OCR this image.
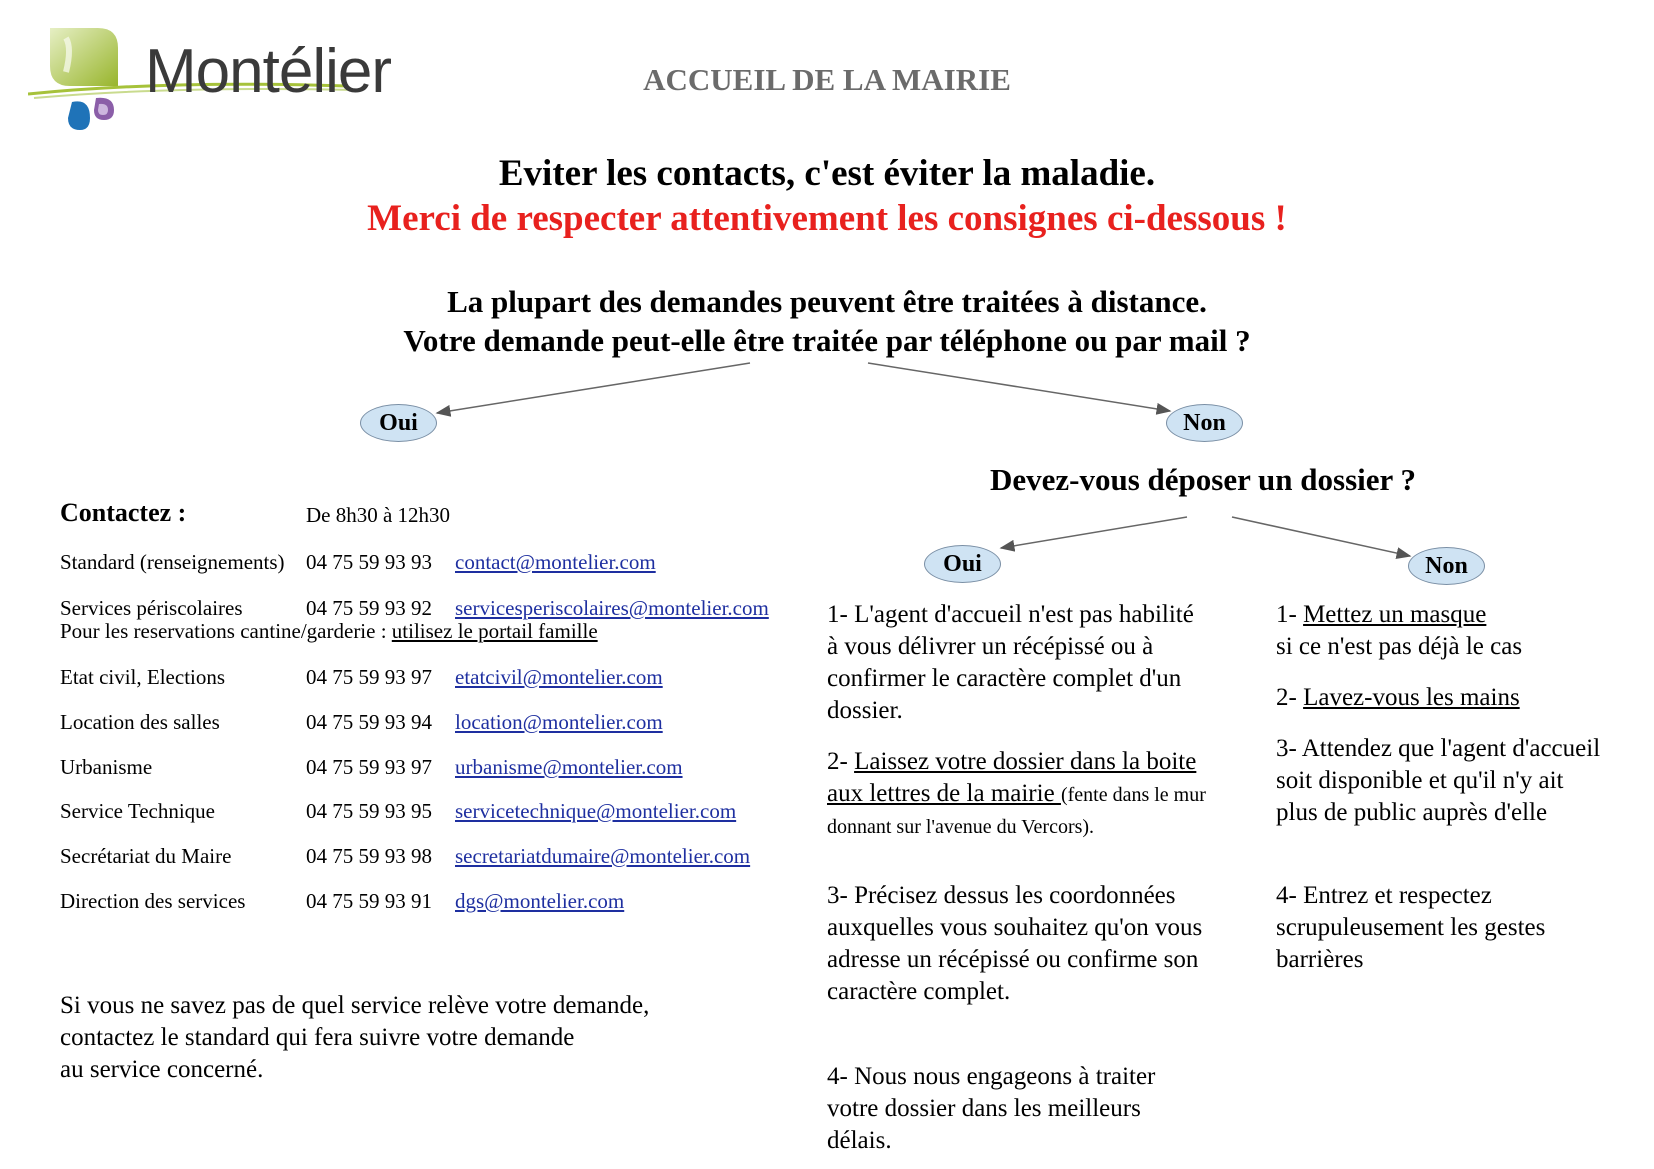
Montélier	ACCUEIL DE LA MAIRIE
Eviter les contacts, c'est éviter la maladie.
Merci de respecter attentivement les consignes ci-dessous !
La plupart des demandes peuvent être traitées à distance.
Votre demande peut-elle être traitée par téléphone ou par mail ?
Oui	Non
Devez-vous déposer un dossier ?
Oui	Non
Contactez :	De 8h30 à 12h30
Standard (renseignements) 04 75 59 93 93 contact@montelier.com
Services périscolaires	04 75 59 93 92 servicesperiscolaires@montelier.com
Pour les reservations cantine/garderie : utilisez le portail famille
Etat civil, Elections	04 75 59 93 97 etatcivil@montelier.com
Location des salles	04 75 59 93 94 location@montelier.com
Urbanisme	04 75 59 93 97 urbanisme@montelier.com
Service Technique	04 75 59 93 95 servicetechnique@montelier.com
Secrétariat du Maire	04 75 59 93 98 secretariatdumaire@montelier.com
Direction des services	04 75 59 93 91 dgs@montelier.com
Si vous ne savez pas de quel service relève votre demande,
contactez le standard qui fera suivre votre demande
au service concerné.
1- L'agent d'accueil n'est pas habilité à vous délivrer un récépissé ou à confirmer le caractère complet d'un dossier.
2- Laissez votre dossier dans la boite aux lettres de la mairie (fente dans le mur donnant sur l'avenue du Vercors).
3- Précisez dessus les coordonnées auxquelles vous souhaitez qu'on vous adresse un récépissé ou confirme son caractère complet.
4- Nous nous engageons à traiter votre dossier dans les meilleurs délais.
1- Mettez un masque
si ce n'est pas déjà le cas
2- Lavez-vous les mains
3- Attendez que l'agent d'accueil soit disponible et qu'il n'y ait plus de public auprès d'elle
4- Entrez et respectez scrupuleusement les gestes barrières
